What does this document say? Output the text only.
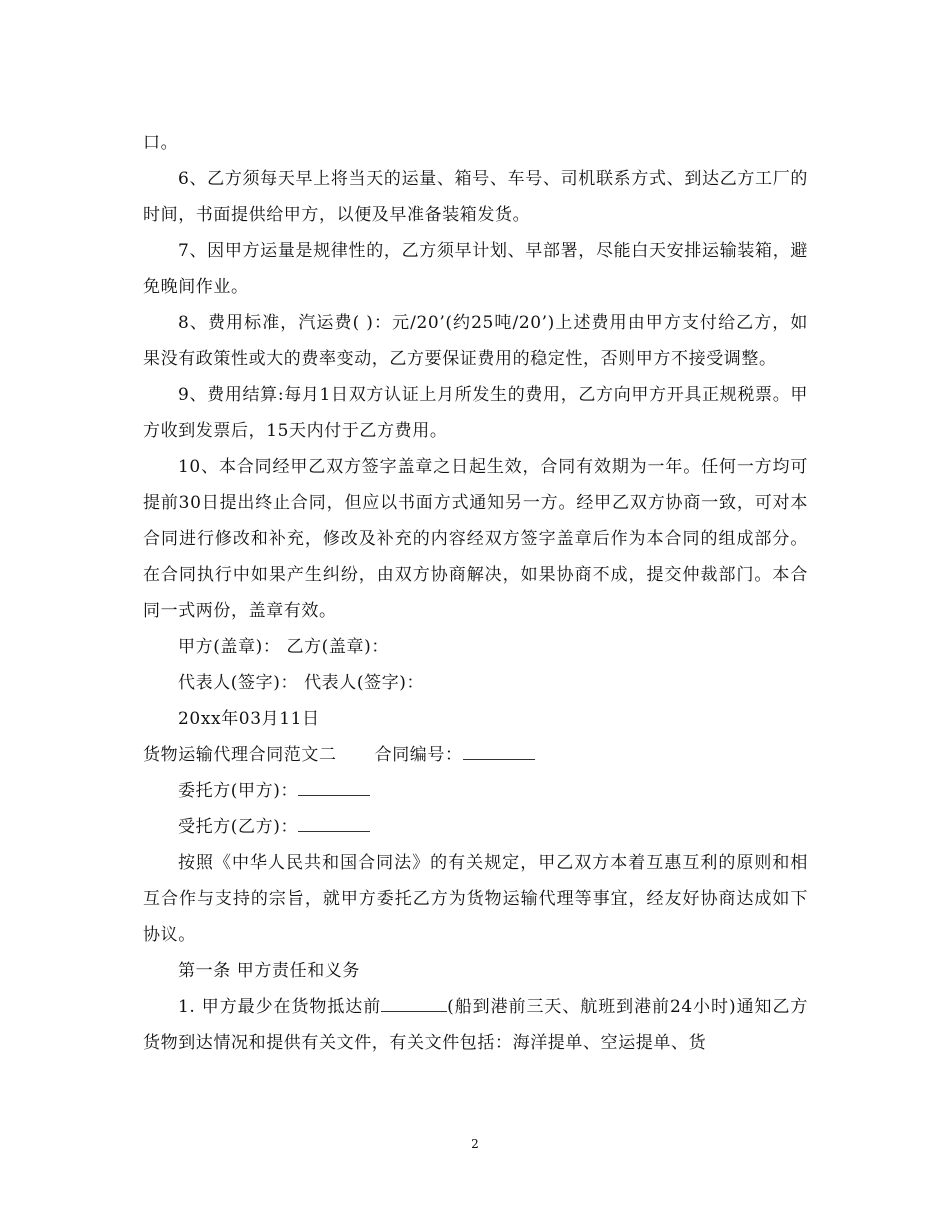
口。

6、乙方须每天早上将当天的运量、箱号、车号、司机联系方式、到达乙方工厂的时间，书面提供给甲方，以便及早准备装箱发货。

7、因甲方运量是规律性的，乙方须早计划、早部署，尽能白天安排运输装箱，避免晚间作业。

8、费用标准，汽运费( )：元/20’(约25吨/20’)上述费用由甲方支付给乙方，如果没有政策性或大的费率变动，乙方要保证费用的稳定性，否则甲方不接受调整。

9、费用结算:每月1日双方认证上月所发生的费用，乙方向甲方开具正规税票。甲方收到发票后，15天内付于乙方费用。

10、本合同经甲乙双方签字盖章之日起生效，合同有效期为一年。任何一方均可提前30日提出终止合同，但应以书面方式通知另一方。经甲乙双方协商一致，可对本合同进行修改和补充，修改及补充的内容经双方签字盖章后作为本合同的组成部分。在合同执行中如果产生纠纷，由双方协商解决，如果协商不成，提交仲裁部门。本合同一式两份，盖章有效。

甲方(盖章)： 乙方(盖章)：

代表人(签字)： 代表人(签字)：

20xx年03月11日

货物运输代理合同范文二 合同编号：

委托方(甲方)：

受托方(乙方)：

按照《中华人民共和国合同法》的有关规定，甲乙双方本着互惠互利的原则和相互合作与支持的宗旨，就甲方委托乙方为货物运输代理等事宜，经友好协商达成如下协议。

第一条 甲方责任和义务

1. 甲方最少在货物抵达前	(船到港前三天、航班到港前24小时)通知乙方货物到达情况和提供有关文件，有关文件包括：海洋提单、空运提单、货

2
